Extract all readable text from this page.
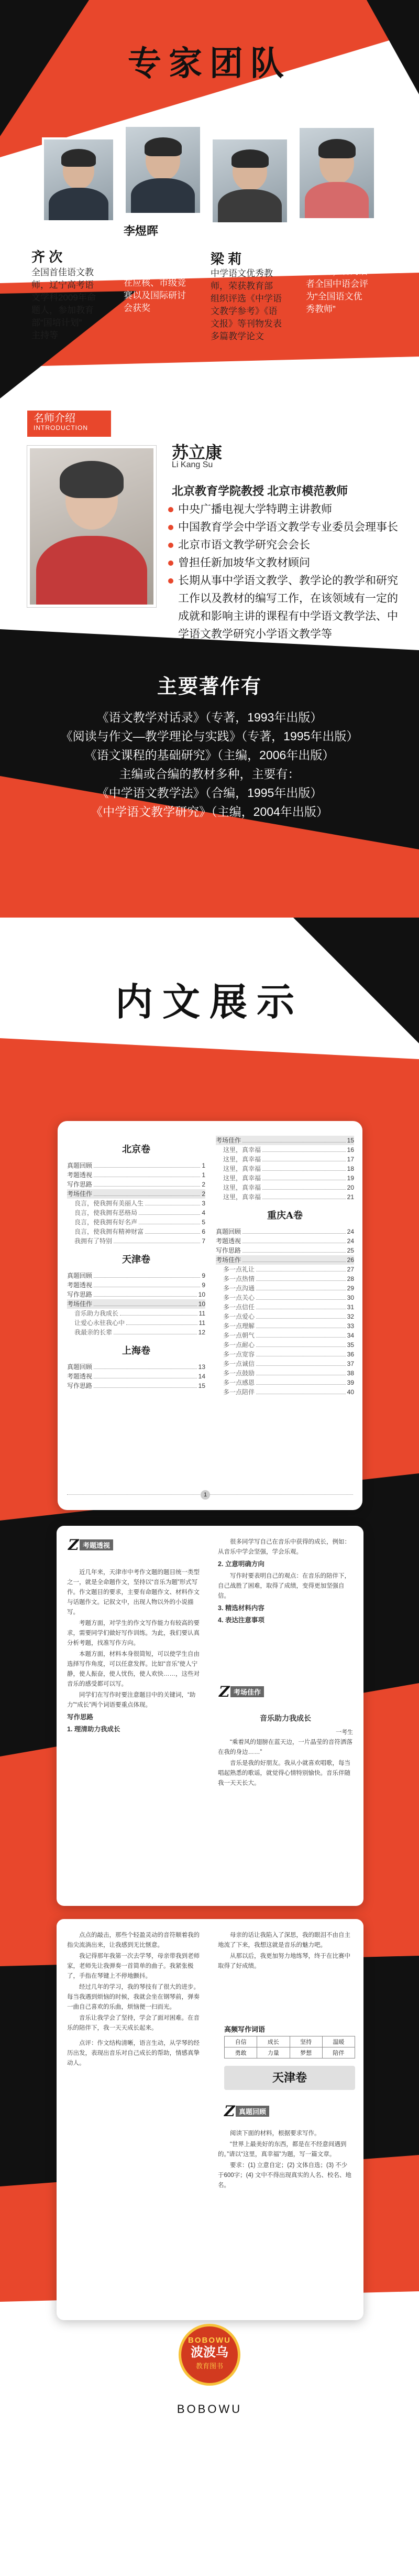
专家团队
齐 次
全国首佳语文教
师，辽宁高考语
文学科2009年命
题人，参加教育
部“国培计划”
主持等
李煜晖
在北京举办的教
学比赛中多次获
奖，十多篇论文
在应核、市级竞
赛以及国际研讨
会获奖
梁 莉
中学语文优秀教
师，荣获教育部
组织评选《中学语
文教学参考》《语
文报》等刊物发表
多篇教学论文
张建初
天津南开语文首
席教师，曾为后
者全国中语会评
为“全国语文优
秀教师”
名师介绍
INTRODUCTION
苏立康
Li Kang Su
北京教育学院教授 北京市模范教师
中央广播电视大学特聘主讲教师
中国教育学会中学语文教学专业委员会理事长
北京市语文教学研究会会长
曾担任新加坡华文教材顾问
长期从事中学语文教学、教学论的教学和研究工作以及教材的编写工作，在该领域有一定的成就和影响主讲的课程有中学语文教学法、中学语文教学研究小学语文教学等
主要著作有

《语文教学对话录》（专著，1993年出版）

《阅读与作文—教学理论与实践》（专著，1995年出版）

《语文课程的基础研究》（主编，2006年出版）

主编或合编的教材多种，主要有：

《中学语文教学法》（合编，1995年出版）

《中学语文教学研究》（主编，2004年出版）

内文展示
北京卷
真题回顾	1
考题透视	1
写作思路	2
考场佳作	2
良言，使我拥有美丽人生	3
良言，使我拥有恶格局	4
良言，使我拥有好名声	5
良言，使我拥有精神财富	6
我拥有了特别	7
天津卷
真题回顾	9
考题透视	9
写作思路	10
考场佳作	10
音乐助力我成长	11
让爱心永驻我心中	11
我最亲的长辈	12
上海卷
真题回顾	13
考题透视	14
写作思路	15
考场佳作	15
这里，真幸福	16
这里，真幸福	17
这里，真幸福	18
这里，真幸福	19
这里，真幸福	20
这里，真幸福	21
重庆A卷
真题回顾	24
考题透视	24
写作思路	25
考场佳作	26
多一点礼让	27
多一点热情	28
多一点沟通	29
多一点关心	30
多一点信任	31
多一点爱心	32
多一点理解	33
多一点朝气	34
多一点耐心	35
多一点宽容	36
多一点诚信	37
多一点鼓励	38
多一点感恩	39
多一点陪伴	40
1
Z 考题透视

近几年来，天津市中考作文题的题目统一类型之一，就是全命题作文，坚持以“音乐为题”形式写作。作文题目的要求，主要有命题作文、材料作文与话题作文。记叙文中，出现人物以外的小说描写。

考题方面，对学生的作文写作能力有较高的要求，需要同学们做好写作训练。为此，我们要认真分析考题，找准写作方向。

本题方面，材料本身很简短，可以使学生自由选择写作角度，可以任意发挥。比如“音乐”使人宁静，使人振奋，使人忧伤，使人欢快……，这些对音乐的感受都可以写。

同学们在写作时要注意题目中的关键词，“助力”“成长”两个词语要重点体现。

写作思路
1. 理清助力我成长

很多同学写自己在音乐中获得的成长，例如：从音乐中学会坚强，学会乐观。

2. 立意明确方向

写作时要表明自己的观点：在音乐的陪伴下，自己战胜了困难，取得了成绩，变得更加坚强自信。

3. 精选材料内容
4. 表达注意事项
Z 考场佳作
音乐助力我成长
一考生

“乘着风的翅膀在蓝天边，一片晶莹的音符洒落在我的身边……”

音乐是我的好朋友。我从小就喜欢唱歌，每当唱起熟悉的歌谣，就觉得心情特别愉快。音乐伴随我一天天长大。

点点的敲击，那些个轻盈灵动的音符顺着我的指尖流淌出来，让我感到无比惬意。

我记得那年我第一次去学琴，母亲带我到老师家，老师先让我弹奏一首简单的曲子。我紧张极了，手指在琴键上不停地颤抖。

经过几年的学习，我的琴技有了很大的进步。每当我遇到烦恼的时候，我就会坐在钢琴前，弹奏一曲自己喜欢的乐曲，烦恼便一扫而光。

音乐让我学会了坚持，学会了面对困难。在音乐的陪伴下，我一天天成长起来。

点评：作文结构清晰，语言生动，从学琴的经历出发，表现出音乐对自己成长的帮助，情感真挚动人。

母亲的话让我陷入了深思，我的眼泪不由自主地流了下来，我想这就是音乐的魅力吧。

从那以后，我更加努力地练琴，终于在比赛中取得了好成绩。

高频写作词语
自信	成长	坚持	温暖
勇敢	力量	梦想	陪伴
天津卷
Z 真题回顾

阅读下面的材料，根据要求写作。

“世界上最美好的东西，都是在不经意间遇到的。”请以“这里，真幸福”为题，写一篇文章。

要求：(1) 立意自定；(2) 文体自选；(3) 不少于600字；(4) 文中不得出现真实的人名、校名、地名。

BOBOWU
波波乌
教育图书
BOBOWU
